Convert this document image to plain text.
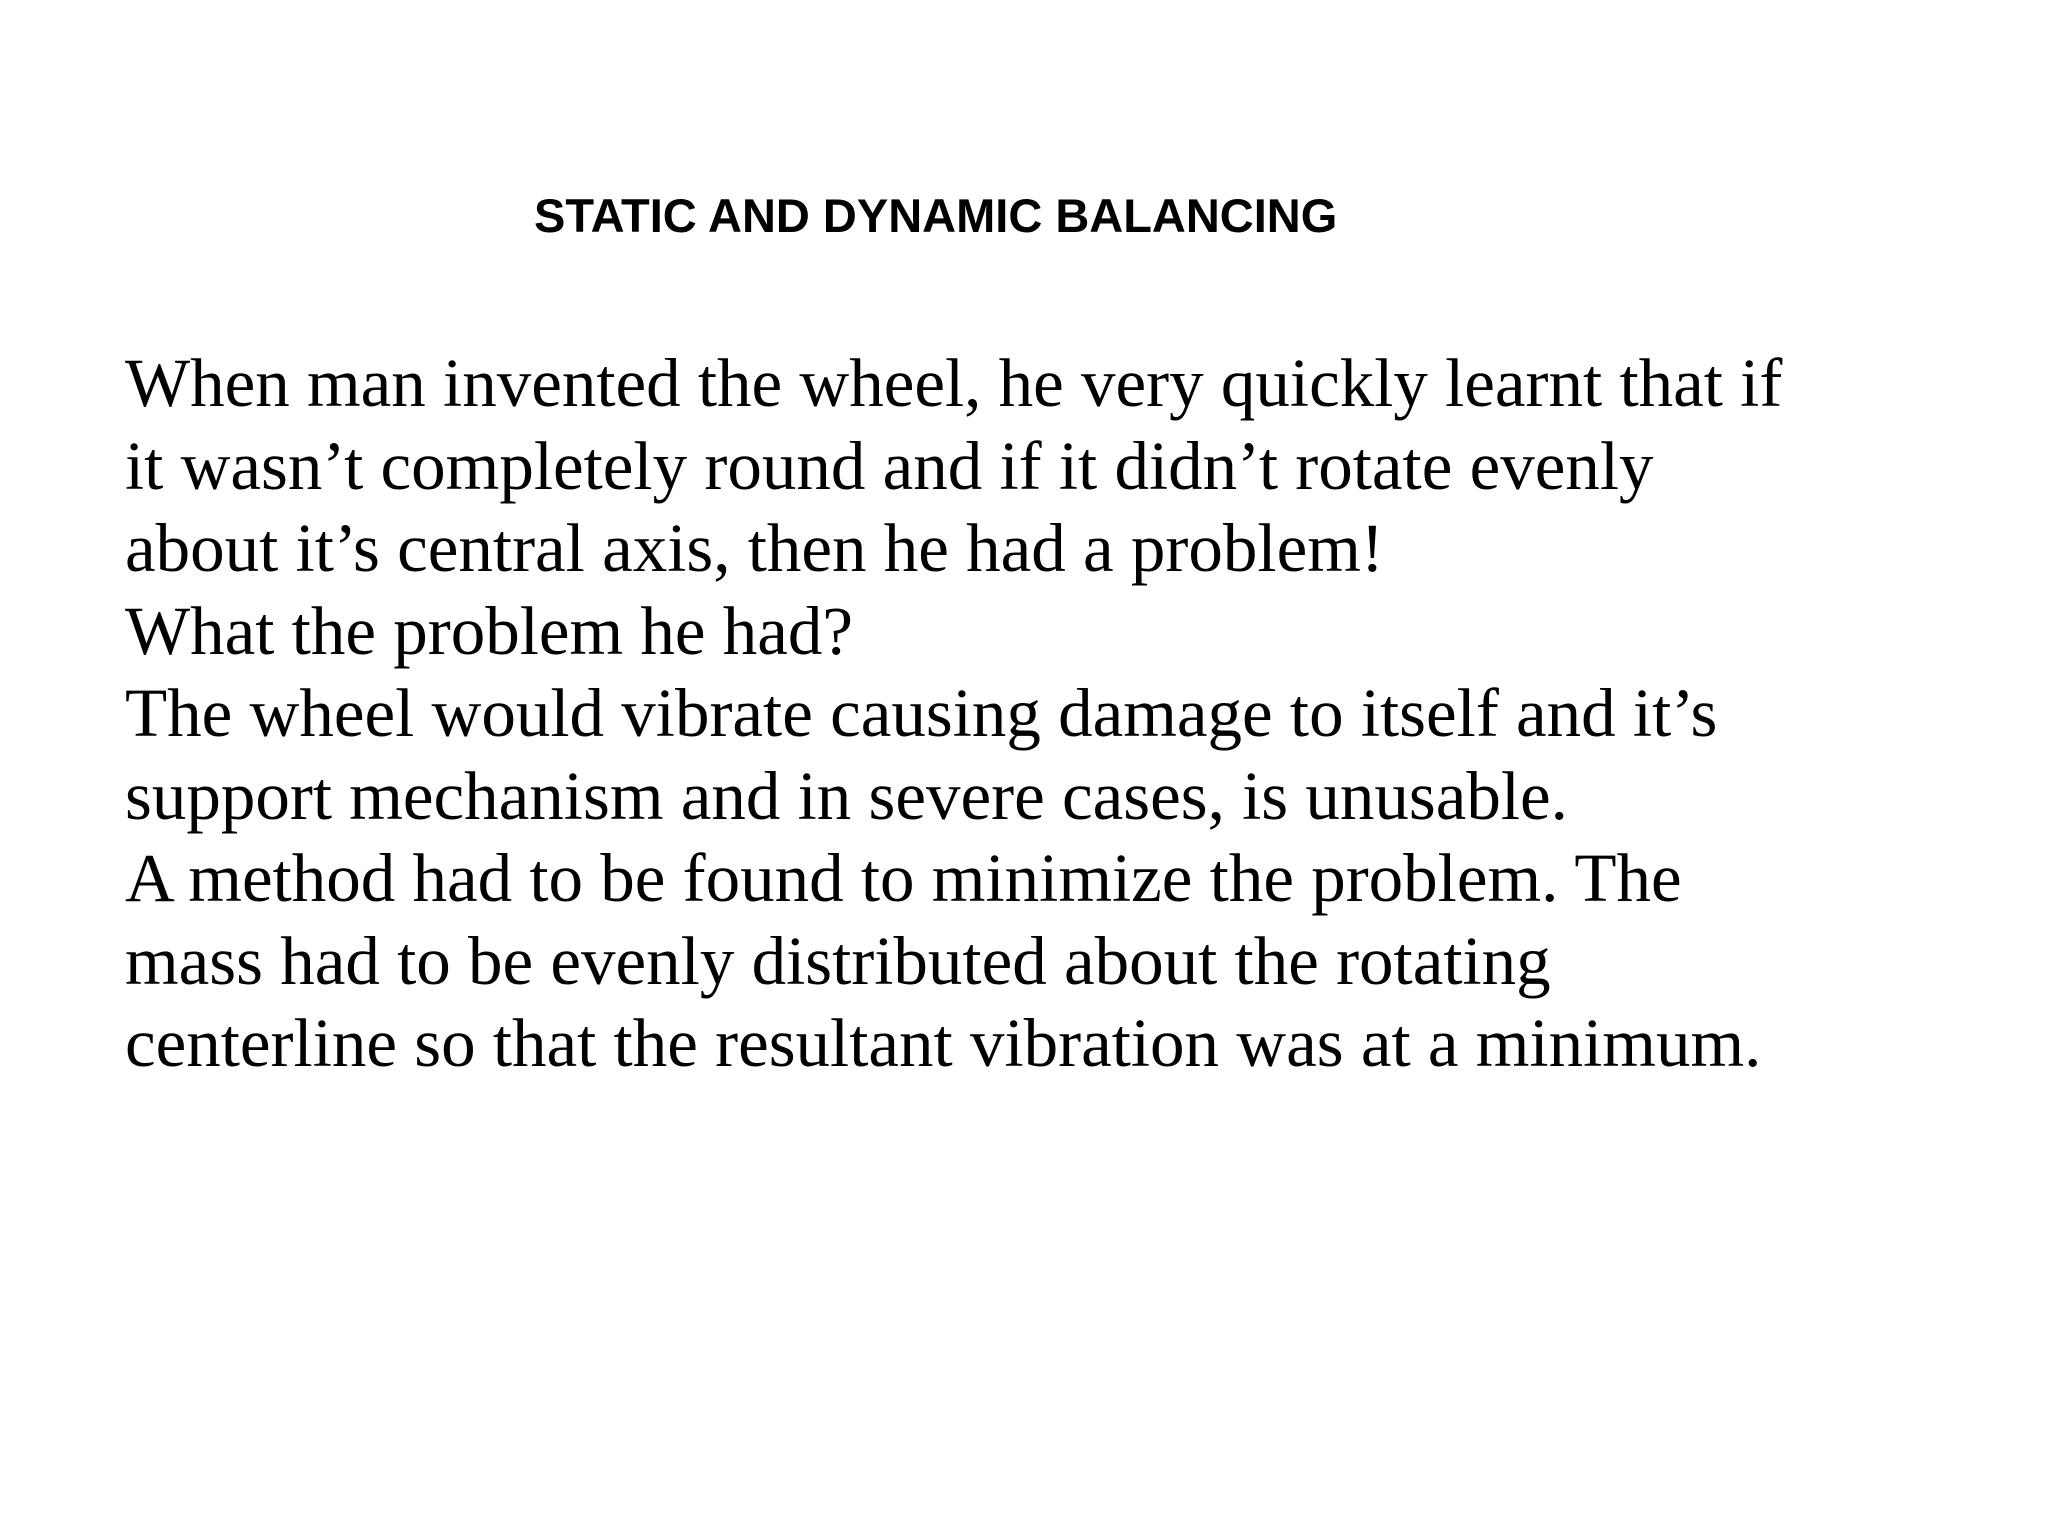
STATIC AND DYNAMIC BALANCING

When man invented the wheel, he very quickly learnt that if

it wasn’t completely round and if it didn’t rotate evenly

about it’s central axis, then he had a problem!

What the problem he had?

The wheel would vibrate causing damage to itself and it’s

support mechanism and in severe cases, is unusable.

A method had to be found to minimize the problem. The

mass had to be evenly distributed about the rotating

centerline so that the resultant vibration was at a minimum.
